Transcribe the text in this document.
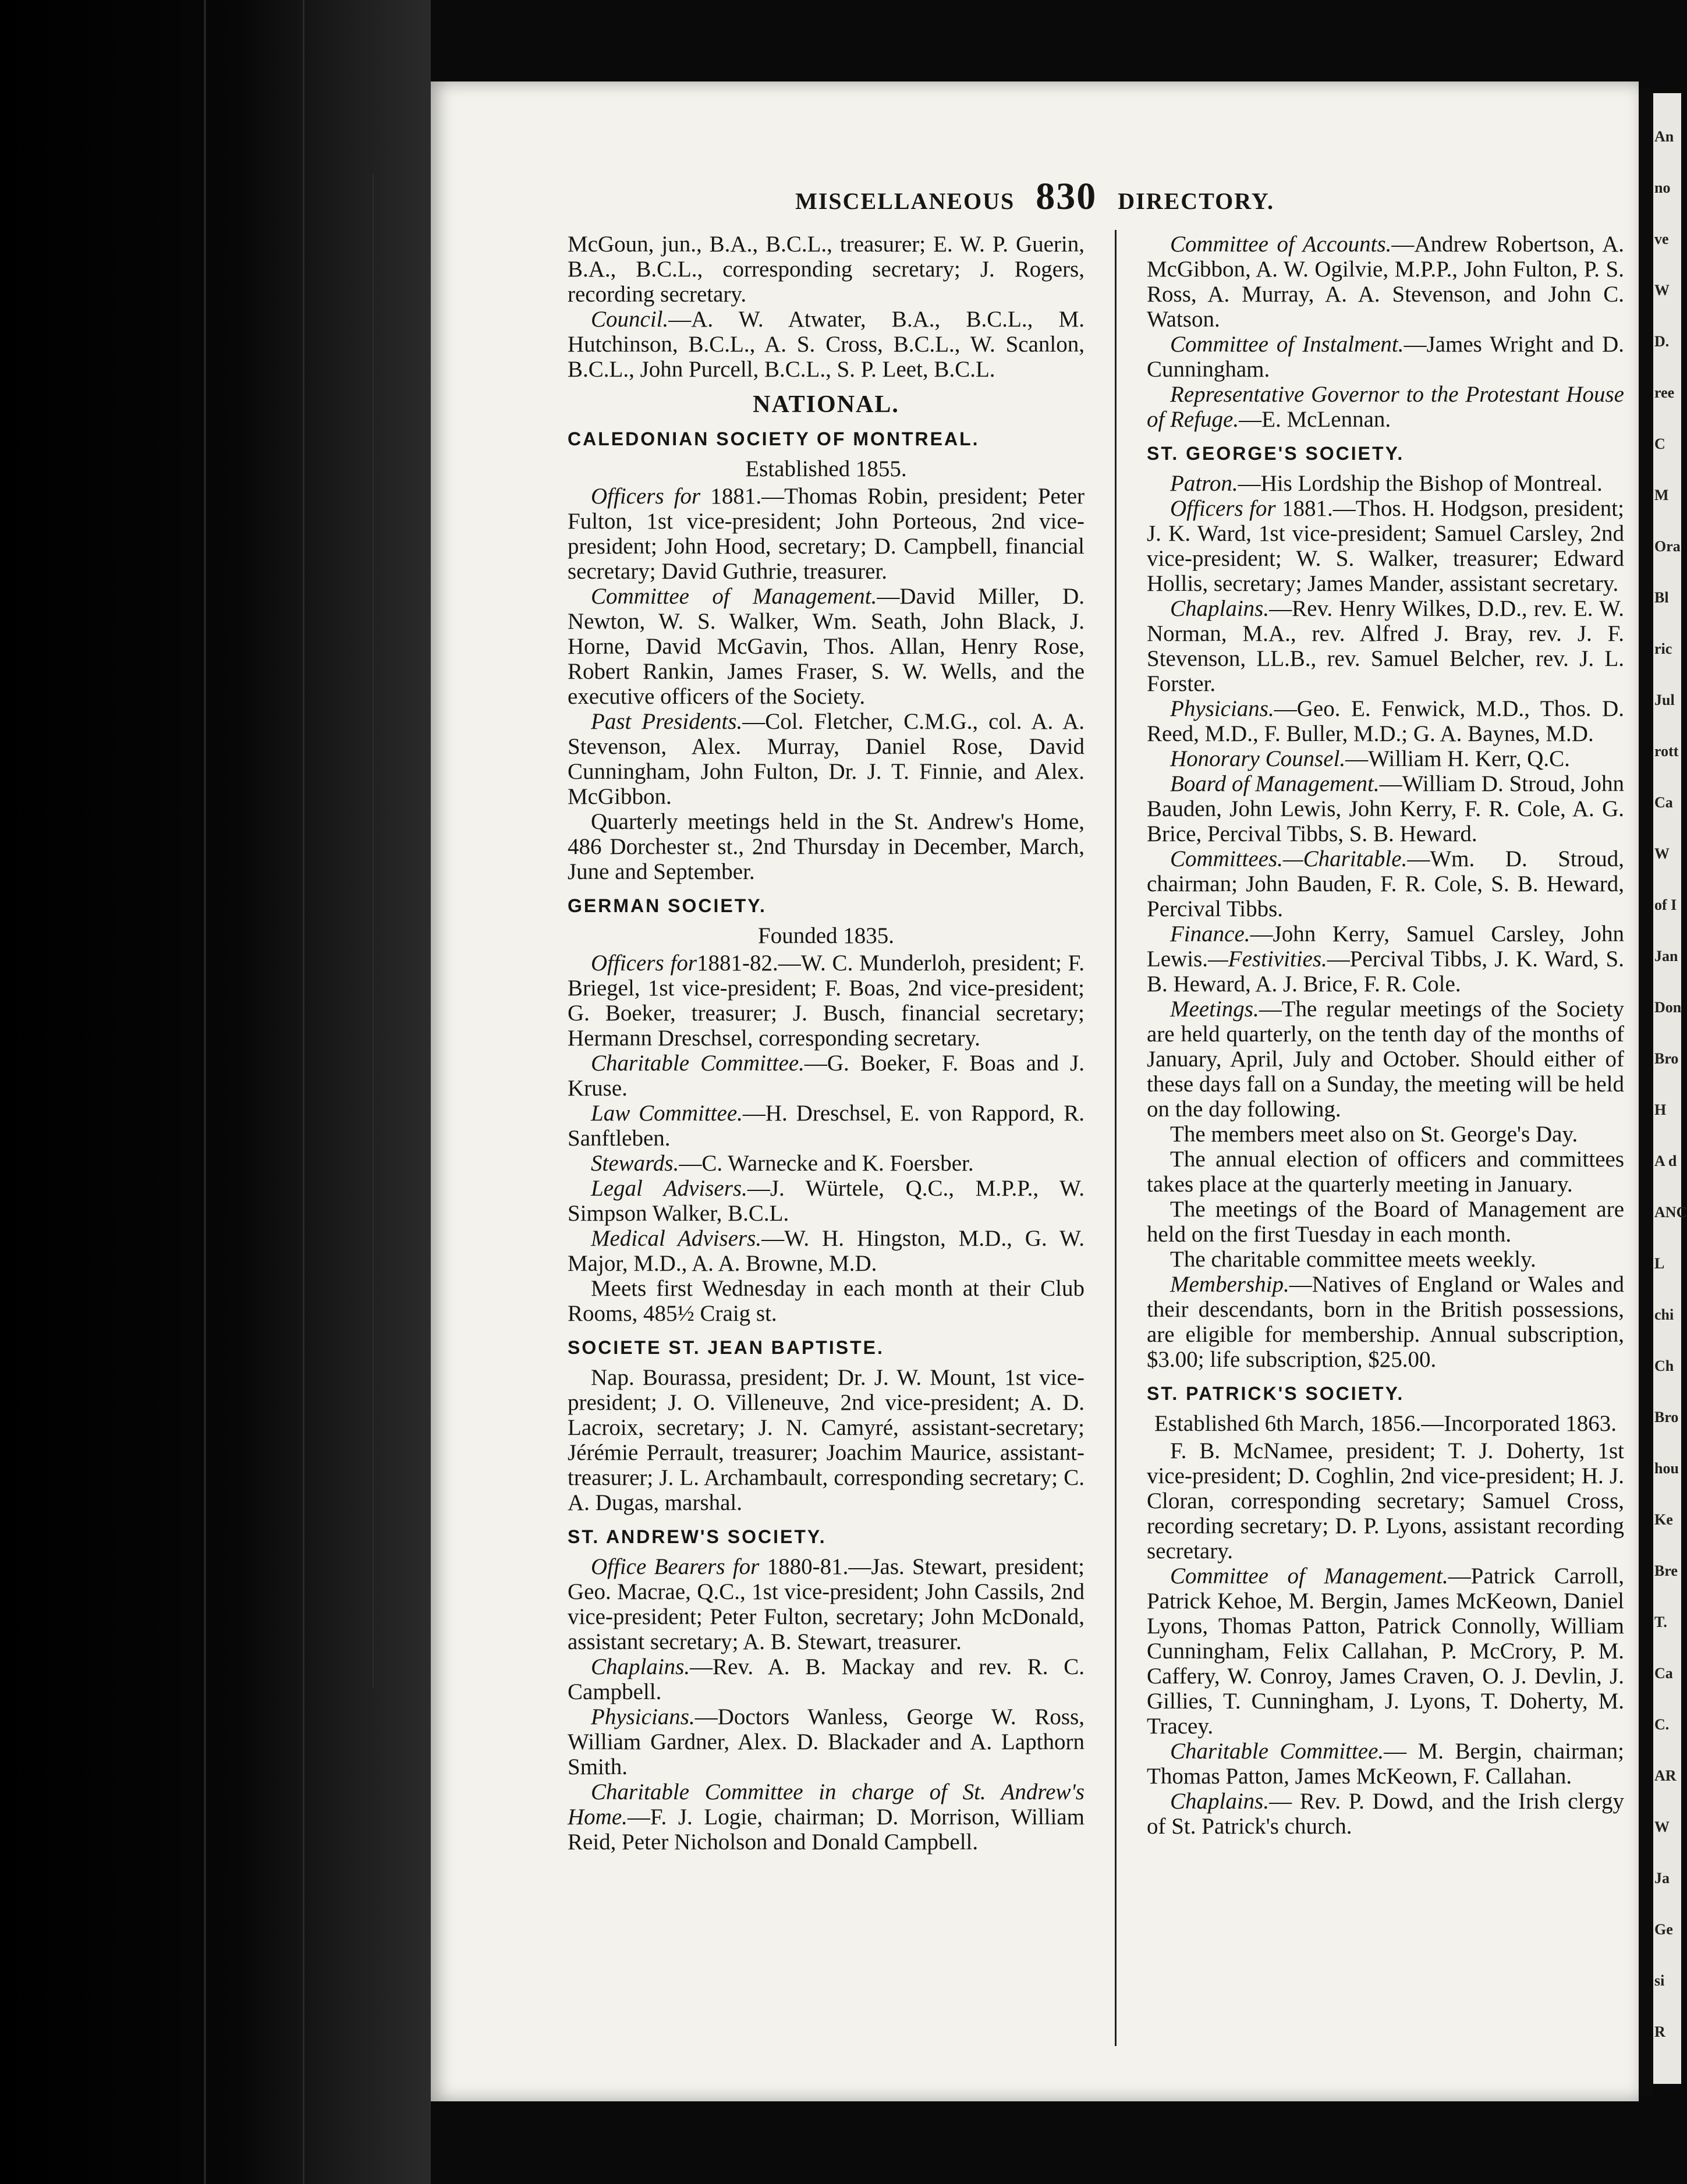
MISCELLANEOUS 830 DIRECTORY.

McGoun, jun., B.A., B.C.L., treasurer; E. W. P. Guerin, B.A., B.C.L., corresponding secretary; J. Rogers, recording secretary.

Council.—A. W. Atwater, B.A., B.C.L., M. Hutchinson, B.C.L., A. S. Cross, B.C.L., W. Scanlon, B.C.L., John Purcell, B.C.L., S. P. Leet, B.C.L.

NATIONAL.
CALEDONIAN SOCIETY OF MONTREAL.
Established 1855.

Officers for 1881.—Thomas Robin, president; Peter Fulton, 1st vice-president; John Porteous, 2nd vice-president; John Hood, secretary; D. Campbell, financial secretary; David Guthrie, treasurer.

Committee of Management.—David Miller, D. Newton, W. S. Walker, Wm. Seath, John Black, J. Horne, David McGavin, Thos. Allan, Henry Rose, Robert Rankin, James Fraser, S. W. Wells, and the executive officers of the Society.

Past Presidents.—Col. Fletcher, C.M.G., col. A. A. Stevenson, Alex. Murray, Daniel Rose, David Cunningham, John Fulton, Dr. J. T. Finnie, and Alex. McGibbon.

Quarterly meetings held in the St. Andrew's Home, 486 Dorchester st., 2nd Thursday in December, March, June and September.

GERMAN SOCIETY.
Founded 1835.

Officers for1881-82.—W. C. Munderloh, president; F. Briegel, 1st vice-president; F. Boas, 2nd vice-president; G. Boeker, treasurer; J. Busch, financial secretary; Hermann Dreschsel, corresponding secretary.

Charitable Committee.—G. Boeker, F. Boas and J. Kruse.

Law Committee.—H. Dreschsel, E. von Rappord, R. Sanftleben.

Stewards.—C. Warnecke and K. Foersber.

Legal Advisers.—J. Würtele, Q.C., M.P.P., W. Simpson Walker, B.C.L.

Medical Advisers.—W. H. Hingston, M.D., G. W. Major, M.D., A. A. Browne, M.D.

Meets first Wednesday in each month at their Club Rooms, 485½ Craig st.

SOCIETE ST. JEAN BAPTISTE.

Nap. Bourassa, president; Dr. J. W. Mount, 1st vice-president; J. O. Villeneuve, 2nd vice-president; A. D. Lacroix, secretary; J. N. Camyré, assistant-secretary; Jérémie Perrault, treasurer; Joachim Maurice, assistant-treasurer; J. L. Archambault, corresponding secretary; C. A. Dugas, marshal.

ST. ANDREW'S SOCIETY.

Office Bearers for 1880-81.—Jas. Stewart, president; Geo. Macrae, Q.C., 1st vice-president; John Cassils, 2nd vice-president; Peter Fulton, secretary; John McDonald, assistant secretary; A. B. Stewart, treasurer.

Chaplains.—Rev. A. B. Mackay and rev. R. C. Campbell.

Physicians.—Doctors Wanless, George W. Ross, William Gardner, Alex. D. Blackader and A. Lapthorn Smith.

Charitable Committee in charge of St. Andrew's Home.—F. J. Logie, chairman; D. Morrison, William Reid, Peter Nicholson and Donald Campbell.

Committee of Accounts.—Andrew Robertson, A. McGibbon, A. W. Ogilvie, M.P.P., John Fulton, P. S. Ross, A. Murray, A. A. Stevenson, and John C. Watson.

Committee of Instalment.—James Wright and D. Cunningham.

Representative Governor to the Protestant House of Refuge.—E. McLennan.

ST. GEORGE'S SOCIETY.

Patron.—His Lordship the Bishop of Montreal.

Officers for 1881.—Thos. H. Hodgson, president; J. K. Ward, 1st vice-president; Samuel Carsley, 2nd vice-president; W. S. Walker, treasurer; Edward Hollis, secretary; James Mander, assistant secretary.

Chaplains.—Rev. Henry Wilkes, D.D., rev. E. W. Norman, M.A., rev. Alfred J. Bray, rev. J. F. Stevenson, LL.B., rev. Samuel Belcher, rev. J. L. Forster.

Physicians.—Geo. E. Fenwick, M.D., Thos. D. Reed, M.D., F. Buller, M.D.; G. A. Baynes, M.D.

Honorary Counsel.—William H. Kerr, Q.C.

Board of Management.—William D. Stroud, John Bauden, John Lewis, John Kerry, F. R. Cole, A. G. Brice, Percival Tibbs, S. B. Heward.

Committees.—Charitable.—Wm. D. Stroud, chairman; John Bauden, F. R. Cole, S. B. Heward, Percival Tibbs.

Finance.—John Kerry, Samuel Carsley, John Lewis.—Festivities.—Percival Tibbs, J. K. Ward, S. B. Heward, A. J. Brice, F. R. Cole.

Meetings.—The regular meetings of the Society are held quarterly, on the tenth day of the months of January, April, July and October. Should either of these days fall on a Sunday, the meeting will be held on the day following.

The members meet also on St. George's Day.

The annual election of officers and committees takes place at the quarterly meeting in January.

The meetings of the Board of Management are held on the first Tuesday in each month.

The charitable committee meets weekly.

Membership.—Natives of England or Wales and their descendants, born in the British possessions, are eligible for membership. Annual subscription, $3.00; life subscription, $25.00.

ST. PATRICK'S SOCIETY.
Established 6th March, 1856.—Incorporated 1863.

F. B. McNamee, president; T. J. Doherty, 1st vice-president; D. Coghlin, 2nd vice-president; H. J. Cloran, corresponding secretary; Samuel Cross, recording secretary; D. P. Lyons, assistant recording secretary.

Committee of Management.—Patrick Carroll, Patrick Kehoe, M. Bergin, James McKeown, Daniel Lyons, Thomas Patton, Patrick Connolly, William Cunningham, Felix Callahan, P. McCrory, P. M. Caffery, W. Conroy, James Craven, O. J. Devlin, J. Gillies, T. Cunningham, J. Lyons, T. Doherty, M. Tracey.

Charitable Committee.— M. Bergin, chairman; Thomas Patton, James McKeown, F. Callahan.

Chaplains.— Rev. P. Dowd, and the Irish clergy of St. Patrick's church.

An
no
ve
W
D.
ree
C
M
Ora
Bl
ric
Jul
rott
Ca
W
of I
Jan
Don
Bro
H
A d
ANC
L
chi
Ch
Bro
hou
Ke
Bre
T.
Ca
C.
AR
W
Ja
Ge
si
R
